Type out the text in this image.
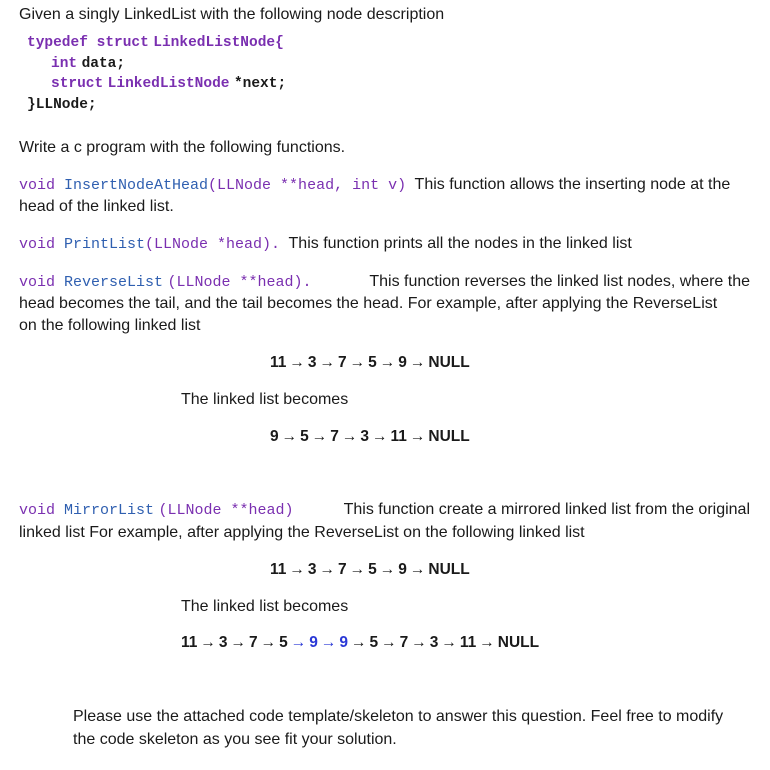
Given a singly LinkedList with the following node description
typedef struct LinkedListNode{
int data;
struct LinkedListNode *next;
}LLNode;
Write a c program with the following functions.
void InsertNodeAtHead(LLNode **head, int v) This function allows the inserting node at the
head of the linked list.
void PrintList(LLNode *head). This function prints all the nodes in the linked list
void ReverseList (LLNode **head).	This function reverses the linked list nodes, where the
head becomes the tail, and the tail becomes the head. For example, after applying the ReverseList
on the following linked list
11 → 3 → 7 → 5 → 9 → NULL
The linked list becomes
9 → 5 → 7 → 3 → 11 → NULL
void MirrorList (LLNode **head)	This function create a mirrored linked list from the original
linked list For example, after applying the ReverseList on the following linked list
11 → 3 → 7 → 5 → 9 → NULL
The linked list becomes
11 → 3 → 7 → 5 → 9 → 9 → 5 → 7 → 3 → 11 → NULL
Please use the attached code template/skeleton to answer this question. Feel free to modify
the code skeleton as you see fit your solution.
